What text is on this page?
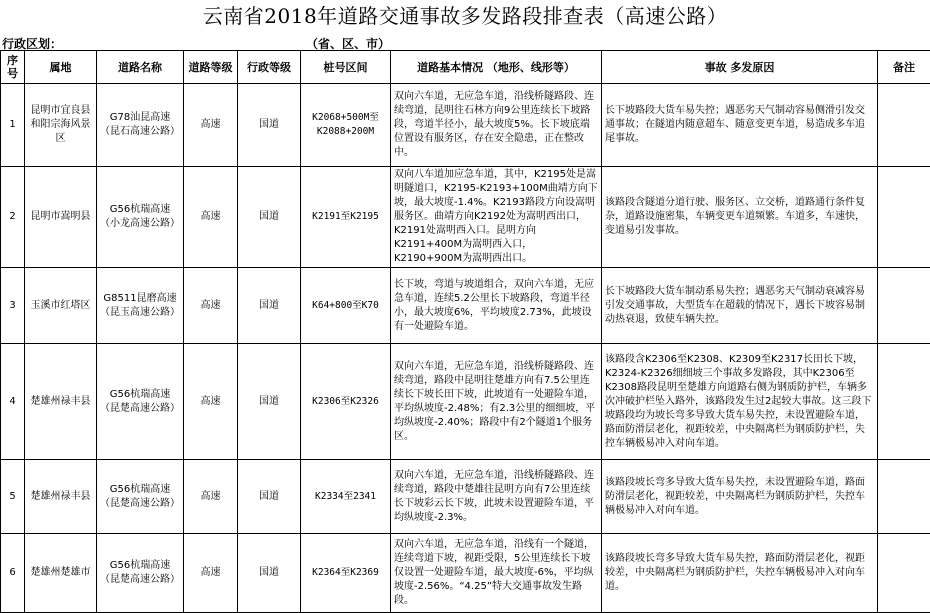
云南省2018年道路交通事故多发路段排查表（高速公路）
行政区划：	（省、区、市）
序号	属地	道路名称	道路等级	行政等级	桩号区间	道路基本情况 （地形、线形等）	事故 多发原因	备注
1	昆明市宜良县和阳宗海风景区	G78汕昆高速（昆石高速公路）	高速	国道	K2068+500M至K2088+200M	双向六车道，无应急车道，沿线桥隧路段、连续弯道，昆明往石林方向9公里连续长下坡路段，弯道半径小，最大坡度5%。长下坡底端位置设有服务区，存在安全隐患，正在整改中。	长下坡路段大货车易失控；遇恶劣天气制动容易侧滑引发交通事故；在隧道内随意超车、随意变更车道，易造成多车追尾事故。	
2	昆明市嵩明县	G56杭瑞高速（小龙高速公路）	高速	国道	K2191至K2195	双向八车道加应急车道，其中，K2195处是嵩明隧道口，K2195-K2193+100M曲靖方向下坡，最大坡度-1.4%。K2193路段方向设嵩明服务区。曲靖方向K2192处为嵩明西出口，K2191处嵩明西入口。昆明方向K2191+400M为嵩明西入口，K2190+900M为嵩明西出口。	该路段含隧道分道行驶、服务区、立交桥，道路通行条件复杂，道路设施密集，车辆变更车道频繁。车道多，车速快，变道易引发事故。	
3	玉溪市红塔区	G8511昆磨高速（昆玉高速公路）	高速	国道	K64+800至K70	长下坡，弯道与坡道组合，双向六车道，无应急车道，连续5.2公里长下坡路段，弯道半径小，最大坡度6%，平均坡度2.73%，此坡设有一处避险车道。	长下坡路段大货车制动系易失控；遇恶劣天气制动衰减容易引发交通事故，大型货车在超载的情况下，遇长下坡容易制动热衰退，致使车辆失控。	
4	楚雄州禄丰县	G56杭瑞高速（昆楚高速公路）	高速	国道	K2306至K2326	双向六车道，无应急车道，沿线桥隧路段、连续弯道，路段中昆明往楚雄方向有7.5公里连续长下坡长田下坡，此坡道有一处避险车道，平均纵坡度-2.48%；有2.3公里的细细坡，平均纵坡度-2.40%；路段中有2个隧道1个服务区。	该路段含K2306至K2308、K2309至K2317长田长下坡，K2324-K2326细细坡三个事故多发路段，其中K2306至K2308路段昆明至楚雄方向道路右侧为钢质防护栏，车辆多次冲破护栏坠入路外，该路段发生过2起较大事故。这三段下坡路段均为坡长弯多导致大货车易失控，未设置避险车道，路面防滑层老化，视距较差，中央隔离栏为钢质防护栏，失控车辆极易冲入对向车道。	
5	楚雄州禄丰县	G56杭瑞高速（昆楚高速公路）	高速	国道	K2334至2341	双向六车道，无应急车道，沿线桥隧路段、连续弯道，路段中楚雄往昆明方向有7公里连续长下坡彩云长下坡，此坡未设置避险车道，平均纵坡度-2.3%。	该路段坡长弯多导致大货车易失控，未设置避险车道，路面防滑层老化，视距较差，中央隔离栏为钢质防护栏，失控车辆极易冲入对向车道。	
6	楚雄州楚雄市	G56杭瑞高速（昆楚高速公路）	高速	国道	K2364至K2369	双向六车道，无应急车道，沿线有一个隧道，连续弯道下坡，视距受限，5公里连续长下坡仅设置一处避险车道，最大坡度-6%，平均纵坡度-2.56%。“4.25”特大交通事故发生路段。	该路段坡长弯多导致大货车易失控，路面防滑层老化，视距较差，中央隔离栏为钢质防护栏，失控车辆极易冲入对向车道。	
